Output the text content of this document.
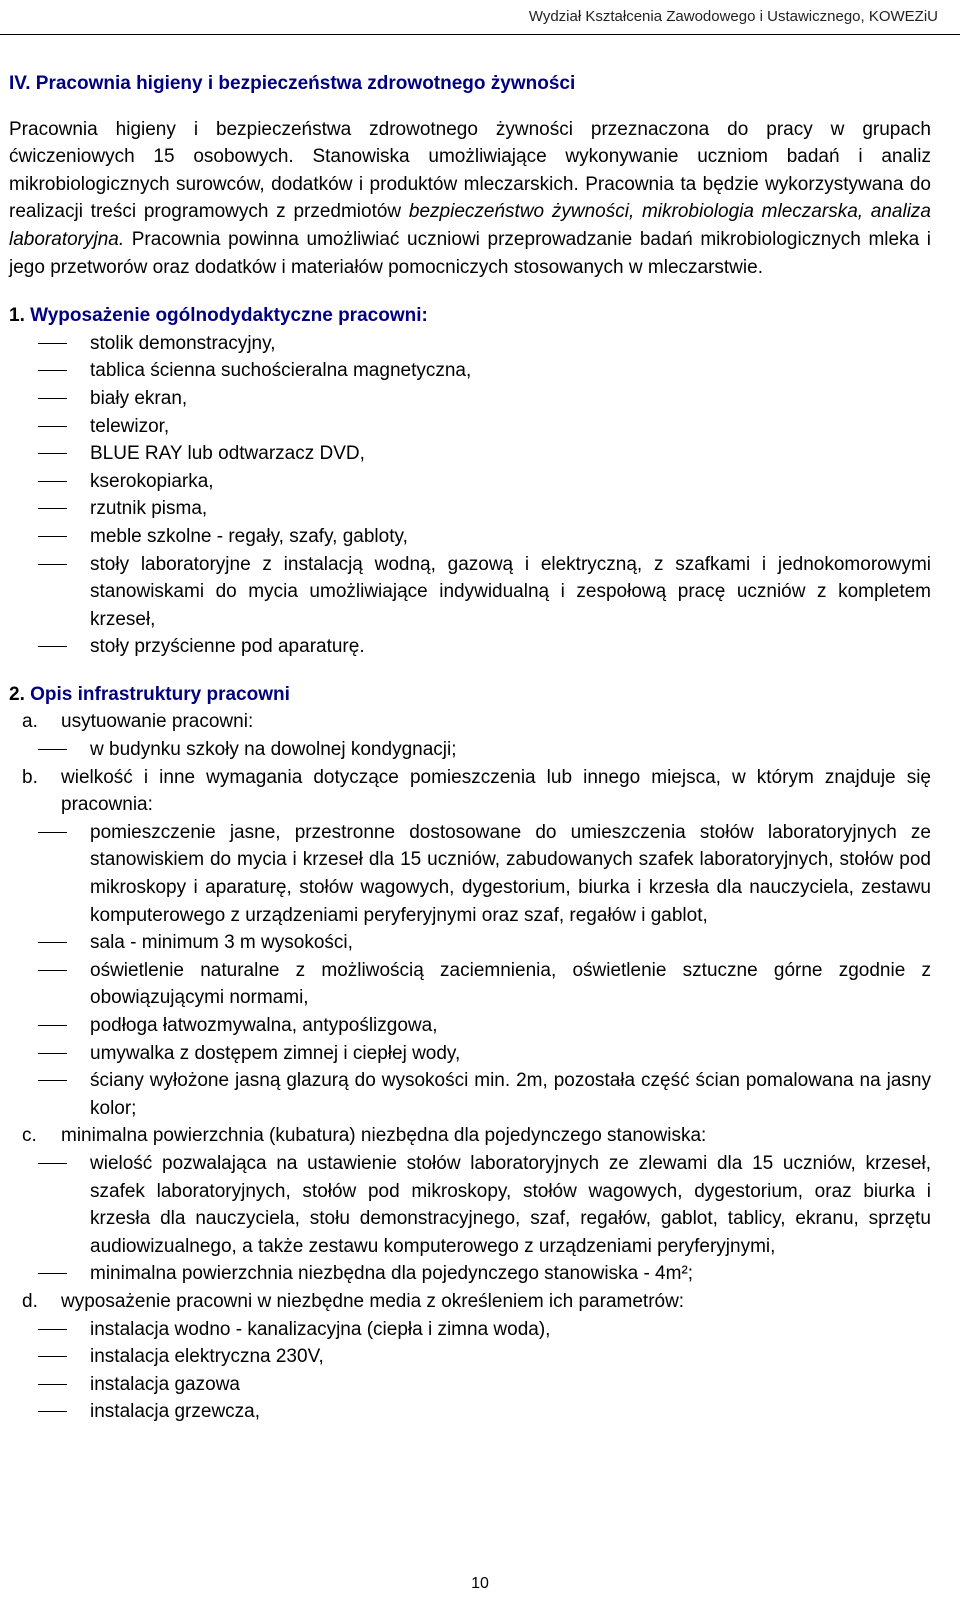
Wydział Kształcenia Zawodowego i Ustawicznego, KOWEZiU
IV. Pracownia higieny i bezpieczeństwa zdrowotnego żywności

Pracownia higieny i bezpieczeństwa zdrowotnego żywności przeznaczona do pracy w grupach ćwiczeniowych 15 osobowych. Stanowiska umożliwiające wykonywanie uczniom badań i analiz mikrobiologicznych surowców, dodatków i produktów mleczarskich. Pracownia ta będzie wykorzystywana do realizacji treści programowych z przedmiotów bezpieczeństwo żywności, mikrobiologia mleczarska, analiza laboratoryjna. Pracownia powinna umożliwiać uczniowi przeprowadzanie badań mikrobiologicznych mleka i jego przetworów oraz dodatków i materiałów pomocniczych stosowanych w mleczarstwie.

1. Wyposażenie ogólnodydaktyczne pracowni:

stolik demonstracyjny,
tablica ścienna suchościeralna magnetyczna,
biały ekran,
telewizor,
BLUE RAY lub odtwarzacz DVD,
kserokopiarka,
rzutnik pisma,
meble szkolne - regały, szafy, gabloty,
stoły laboratoryjne z instalacją wodną, gazową i elektryczną, z szafkami i jednokomorowymi stanowiskami do mycia umożliwiające indywidualną i zespołową pracę uczniów z kompletem krzeseł,
stoły przyścienne pod aparaturę.

2. Opis infrastruktury pracowni

a. usytuowanie pracowni:
w budynku szkoły na dowolnej kondygnacji;
b. wielkość i inne wymagania dotyczące pomieszczenia lub innego miejsca, w którym znajduje się pracownia:
pomieszczenie jasne, przestronne dostosowane do umieszczenia stołów laboratoryjnych ze stanowiskiem do mycia i krzeseł dla 15 uczniów, zabudowanych szafek laboratoryjnych, stołów pod mikroskopy i aparaturę, stołów wagowych, dygestorium, biurka i krzesła dla nauczyciela, zestawu komputerowego z urządzeniami peryferyjnymi oraz szaf, regałów i gablot,
sala - minimum 3 m wysokości,
oświetlenie naturalne z możliwością zaciemnienia, oświetlenie sztuczne górne zgodnie z obowiązującymi normami,
podłoga łatwozmywalna, antypoślizgowa,
umywalka z dostępem zimnej i ciepłej wody,
ściany wyłożone jasną glazurą do wysokości min. 2m, pozostała część ścian pomalowana na jasny kolor;
c. minimalna powierzchnia (kubatura) niezbędna dla pojedynczego stanowiska:
wielość pozwalająca na ustawienie stołów laboratoryjnych ze zlewami dla 15 uczniów, krzeseł, szafek laboratoryjnych, stołów pod mikroskopy, stołów wagowych, dygestorium, oraz biurka i krzesła dla nauczyciela, stołu demonstracyjnego, szaf, regałów, gablot, tablicy, ekranu, sprzętu audiowizualnego, a także zestawu komputerowego z urządzeniami peryferyjnymi,
minimalna powierzchnia niezbędna dla pojedynczego stanowiska - 4m²;
d. wyposażenie pracowni w niezbędne media z określeniem ich parametrów:
instalacja wodno - kanalizacyjna (ciepła i zimna woda),
instalacja elektryczna 230V,
instalacja gazowa
instalacja grzewcza,
10
